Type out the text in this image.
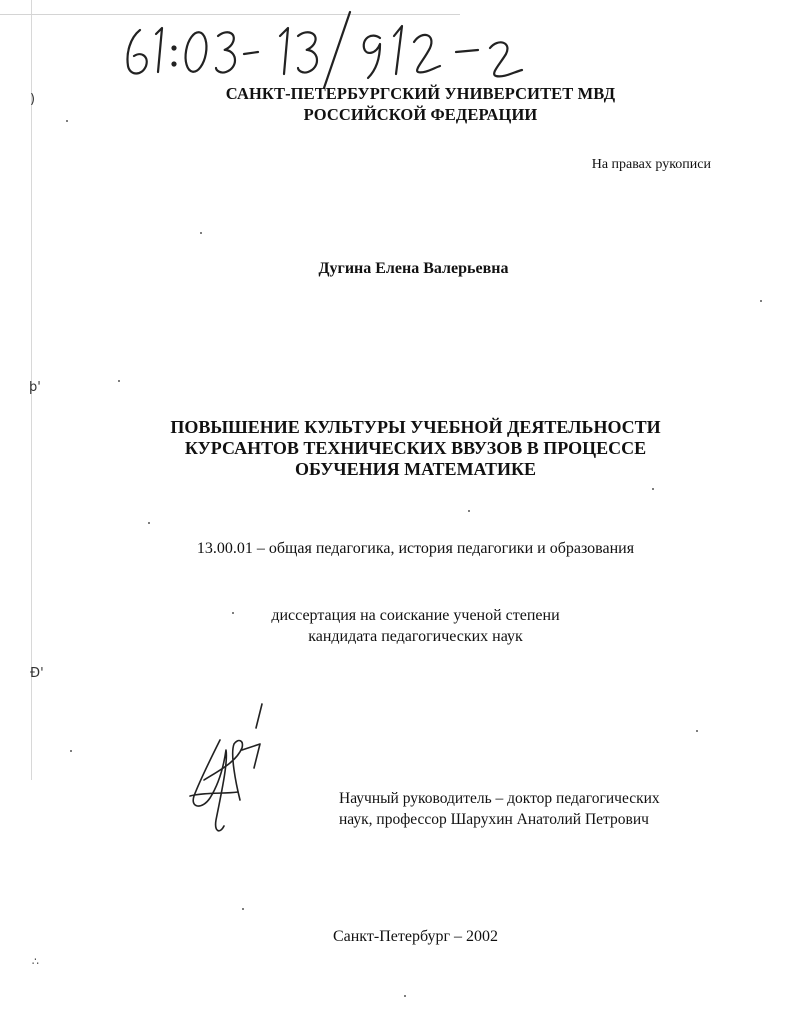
САНКТ-ПЕТЕРБУРГСКИЙ УНИВЕРСИТЕТ МВД
РОССИЙСКОЙ ФЕДЕРАЦИИ
На правах рукописи
Дугина Елена Валерьевна
ПОВЫШЕНИЕ КУЛЬТУРЫ УЧЕБНОЙ ДЕЯТЕЛЬНОСТИ
КУРСАНТОВ ТЕХНИЧЕСКИХ ВВУЗОВ В ПРОЦЕССЕ
ОБУЧЕНИЯ МАТЕМАТИКЕ
13.00.01 – общая педагогика, история педагогики и образования
диссертация на соискание ученой степени
кандидата педагогических наук
Научный руководитель – доктор педагогических
наук, профессор Шарухин Анатолий Петрович
Санкт-Петербург – 2002
)
þ'
Ð'
∴
